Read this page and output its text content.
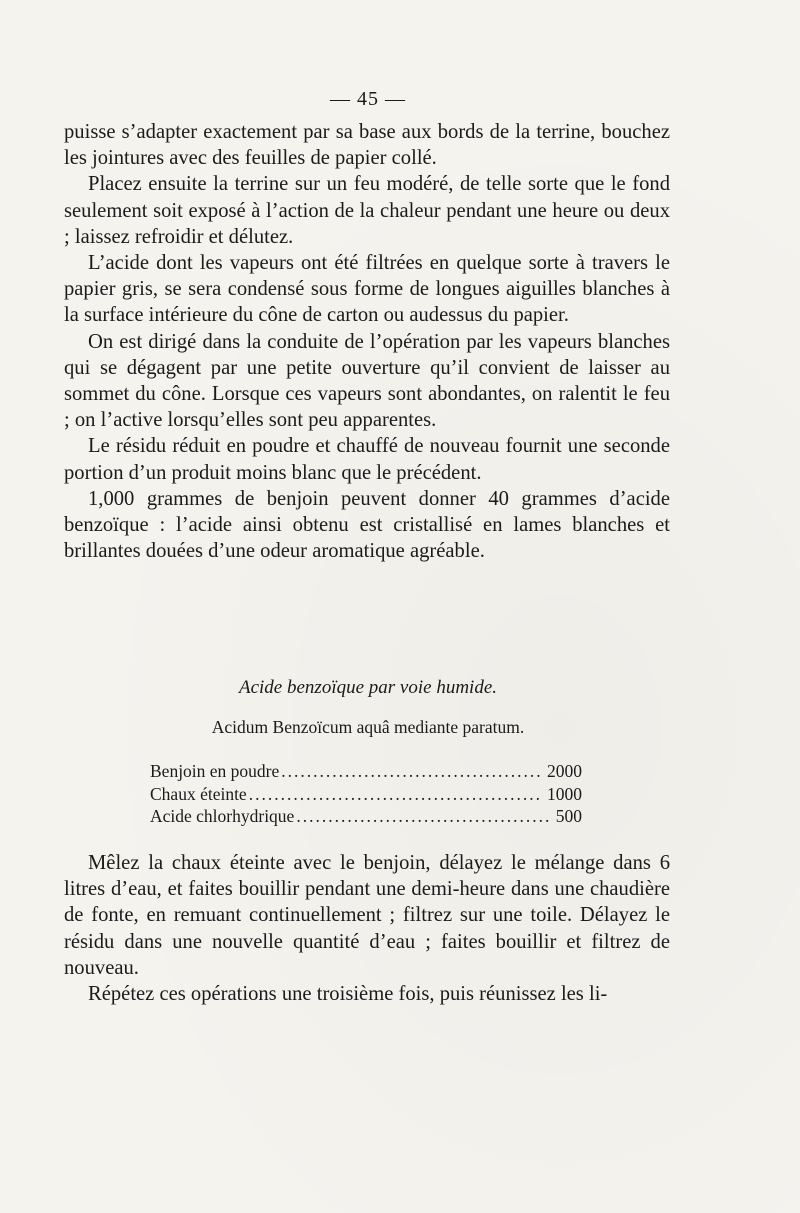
— 45 —

puisse s’adapter exactement par sa base aux bords de la terrine, bouchez les jointures avec des feuilles de papier collé.

Placez ensuite la terrine sur un feu modéré, de telle sorte que le fond seulement soit exposé à l’action de la chaleur pendant une heure ou deux ; laissez refroidir et délutez.

L’acide dont les vapeurs ont été filtrées en quelque sorte à travers le papier gris, se sera condensé sous forme de longues aiguilles blanches à la surface intérieure du cône de carton ou audessus du papier.

On est dirigé dans la conduite de l’opération par les vapeurs blanches qui se dégagent par une petite ouverture qu’il convient de laisser au sommet du cône. Lorsque ces vapeurs sont abondantes, on ralentit le feu ; on l’active lorsqu’elles sont peu apparentes.

Le résidu réduit en poudre et chauffé de nouveau fournit une seconde portion d’un produit moins blanc que le précédent.

1,000 grammes de benjoin peuvent donner 40 grammes d’acide benzoïque : l’acide ainsi obtenu est cristallisé en lames blanches et brillantes douées d’une odeur aromatique agréable.

Acide benzoïque par voie humide.
Acidum Benzoïcum aquâ mediante paratum.
Benjoin en poudre .....	2000
Chaux éteinte .....	1000
Acide chlorhydrique .....	500

Mêlez la chaux éteinte avec le benjoin, délayez le mélange dans 6 litres d’eau, et faites bouillir pendant une demi-heure dans une chaudière de fonte, en remuant continuellement ; filtrez sur une toile. Délayez le résidu dans une nouvelle quantité d’eau ; faites bouillir et filtrez de nouveau.

Répétez ces opérations une troisième fois, puis réunissez les li-
